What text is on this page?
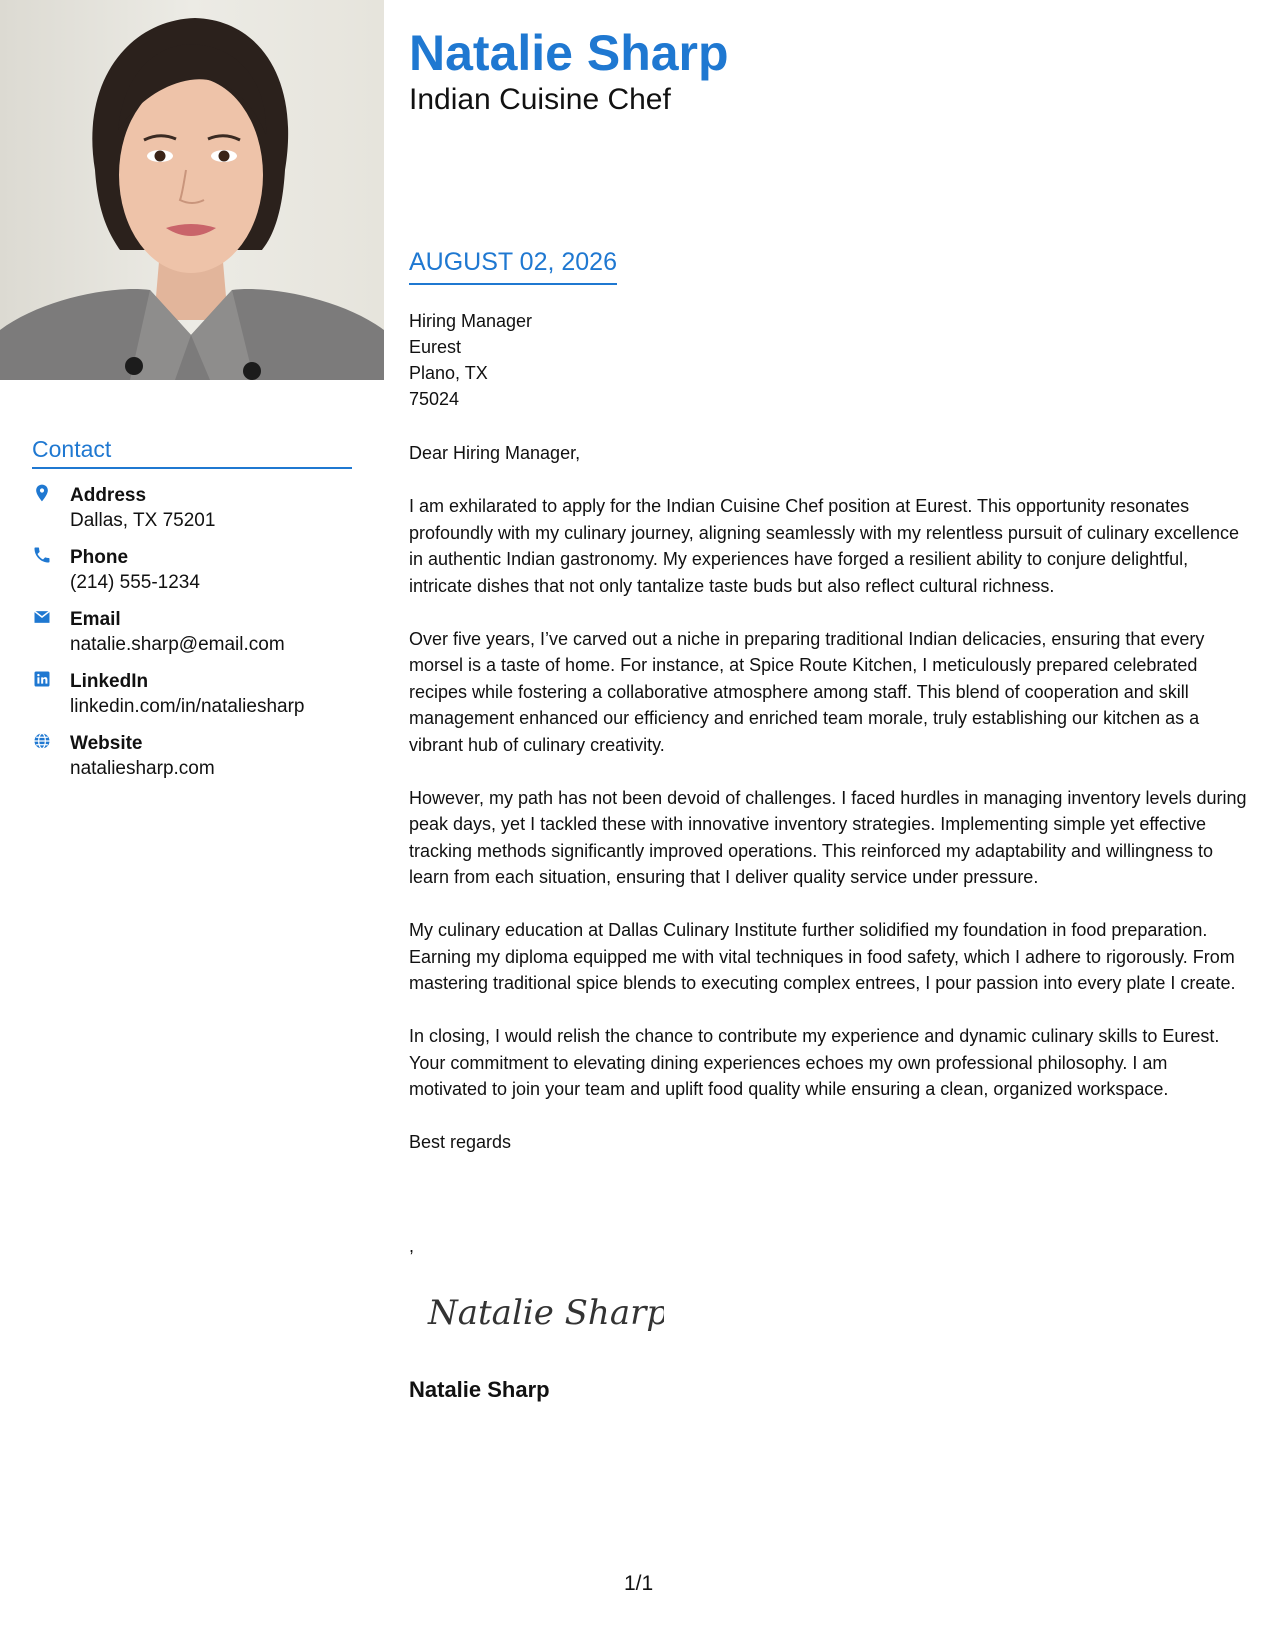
Contact
Address
Dallas, TX 75201
Phone
(214) 555-1234
Email
natalie.sharp@email.com
LinkedIn
linkedin.com/in/nataliesharp
Website
nataliesharp.com
Natalie Sharp
Indian Cuisine Chef
AUGUST 02, 2026
Hiring Manager
Eurest
Plano, TX
75024

Dear Hiring Manager,

I am exhilarated to apply for the Indian Cuisine Chef position at Eurest. This opportunity resonates profoundly with my culinary journey, aligning seamlessly with my relentless pursuit of culinary excellence in authentic Indian gastronomy. My experiences have forged a resilient ability to conjure delightful, intricate dishes that not only tantalize taste buds but also reflect cultural richness.

Over five years, I’ve carved out a niche in preparing traditional Indian delicacies, ensuring that every morsel is a taste of home. For instance, at Spice Route Kitchen, I meticulously prepared celebrated recipes while fostering a collaborative atmosphere among staff. This blend of cooperation and skill management enhanced our efficiency and enriched team morale, truly establishing our kitchen as a vibrant hub of culinary creativity.

However, my path has not been devoid of challenges. I faced hurdles in managing inventory levels during peak days, yet I tackled these with innovative inventory strategies. Implementing simple yet effective tracking methods significantly improved operations. This reinforced my adaptability and willingness to learn from each situation, ensuring that I deliver quality service under pressure.

My culinary education at Dallas Culinary Institute further solidified my foundation in food preparation. Earning my diploma equipped me with vital techniques in food safety, which I adhere to rigorously. From mastering traditional spice blends to executing complex entrees, I pour passion into every plate I create.

In closing, I would relish the chance to contribute my experience and dynamic culinary skills to Eurest. Your commitment to elevating dining experiences echoes my own professional philosophy. I am motivated to join your team and uplift food quality while ensuring a clean, organized workspace.

Best regards

,
Natalie Sharp
Natalie Sharp
1/1
